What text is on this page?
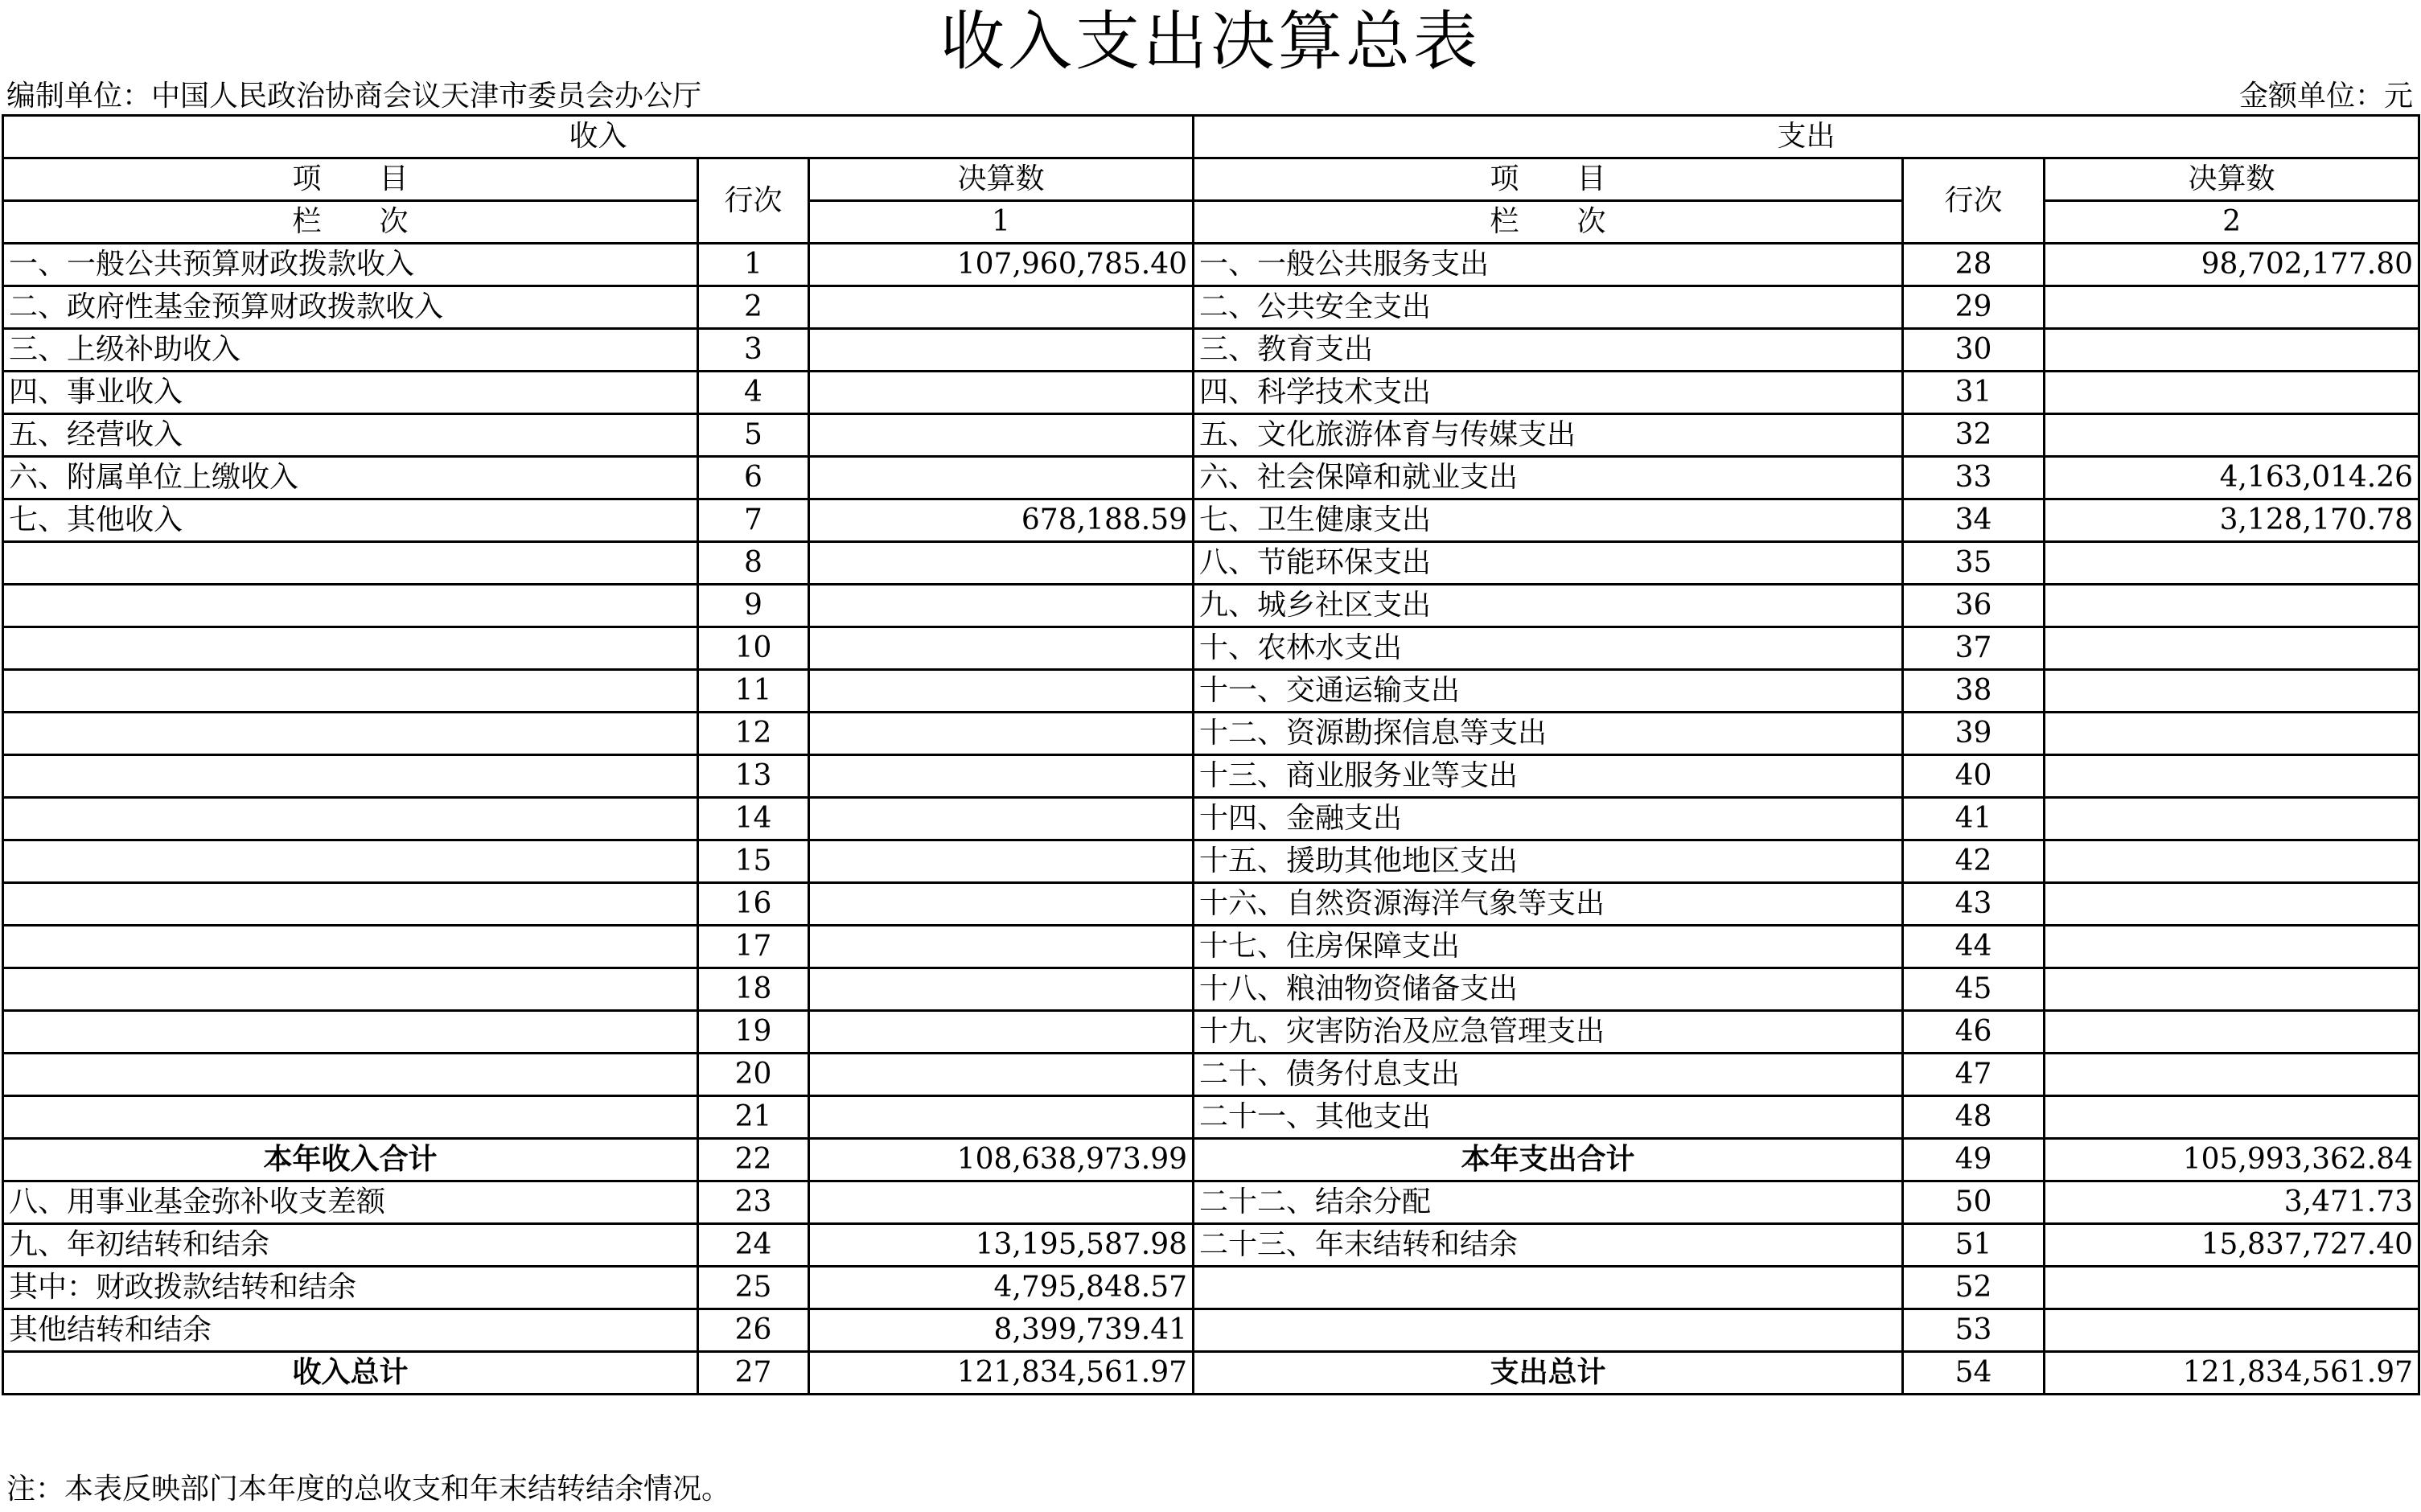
收入支出决算总表
编制单位：中国人民政治协商会议天津市委员会办公厅	金额单位：元
收入			支出		
项　　目	行次	决算数	项　　目	行次	决算数
栏　　次		1	栏　　次		2
一、一般公共预算财政拨款收入	1	107,960,785.40	一、一般公共服务支出	28	98,702,177.80
二、政府性基金预算财政拨款收入	2		二、公共安全支出	29	
三、上级补助收入	3		三、教育支出	30	
四、事业收入	4		四、科学技术支出	31	
五、经营收入	5		五、文化旅游体育与传媒支出	32	
六、附属单位上缴收入	6		六、社会保障和就业支出	33	4,163,014.26
七、其他收入	7	678,188.59	七、卫生健康支出	34	3,128,170.78
	8		八、节能环保支出	35	
	9		九、城乡社区支出	36	
	10		十、农林水支出	37	
	11		十一、交通运输支出	38	
	12		十二、资源勘探信息等支出	39	
	13		十三、商业服务业等支出	40	
	14		十四、金融支出	41	
	15		十五、援助其他地区支出	42	
	16		十六、自然资源海洋气象等支出	43	
	17		十七、住房保障支出	44	
	18		十八、粮油物资储备支出	45	
	19		十九、灾害防治及应急管理支出	46	
	20		二十、债务付息支出	47	
	21		二十一、其他支出	48	
本年收入合计	22	108,638,973.99	本年支出合计	49	105,993,362.84
八、用事业基金弥补收支差额	23		二十二、结余分配	50	3,471.73
九、年初结转和结余	24	13,195,587.98	二十三、年末结转和结余	51	15,837,727.40
其中：财政拨款结转和结余	25	4,795,848.57		52	
其他结转和结余	26	8,399,739.41		53	
收入总计	27	121,834,561.97	支出总计	54	121,834,561.97
注：本表反映部门本年度的总收支和年末结转结余情况。
